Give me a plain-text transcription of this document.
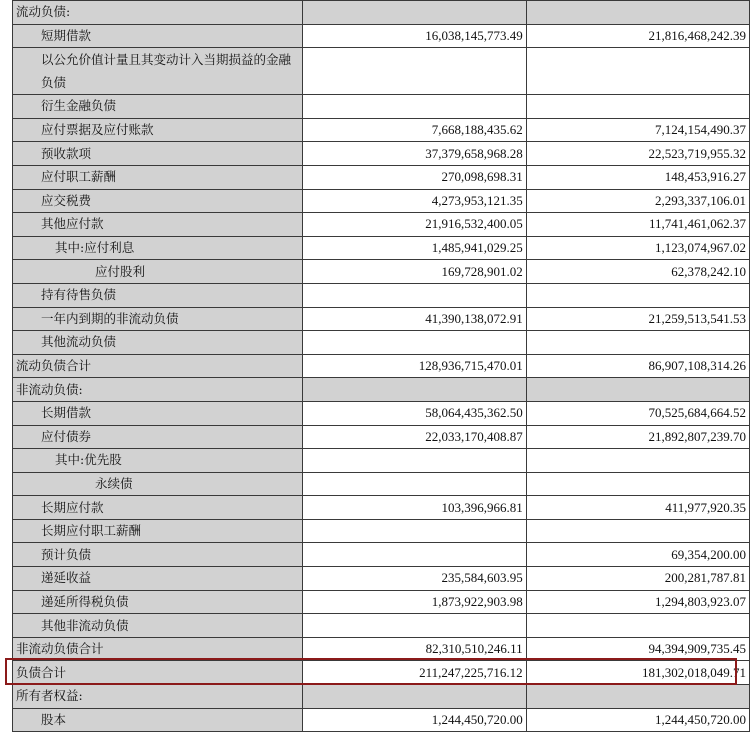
流动负债:		
短期借款	16,038,145,773.49	21,816,468,242.39
以公允价值计量且其变动计入当期损益的金融负债		
衍生金融负债		
应付票据及应付账款	7,668,188,435.62	7,124,154,490.37
预收款项	37,379,658,968.28	22,523,719,955.32
应付职工薪酬	270,098,698.31	148,453,916.27
应交税费	4,273,953,121.35	2,293,337,106.01
其他应付款	21,916,532,400.05	11,741,461,062.37
其中:应付利息	1,485,941,029.25	1,123,074,967.02
应付股利	169,728,901.02	62,378,242.10
持有待售负债		
一年内到期的非流动负债	41,390,138,072.91	21,259,513,541.53
其他流动负债		
流动负债合计	128,936,715,470.01	86,907,108,314.26
非流动负债:		
长期借款	58,064,435,362.50	70,525,684,664.52
应付债券	22,033,170,408.87	21,892,807,239.70
其中:优先股		
永续债		
长期应付款	103,396,966.81	411,977,920.35
长期应付职工薪酬		
预计负债		69,354,200.00
递延收益	235,584,603.95	200,281,787.81
递延所得税负债	1,873,922,903.98	1,294,803,923.07
其他非流动负债		
非流动负债合计	82,310,510,246.11	94,394,909,735.45
负债合计	211,247,225,716.12	181,302,018,049.71
所有者权益:		
股本	1,244,450,720.00	1,244,450,720.00
